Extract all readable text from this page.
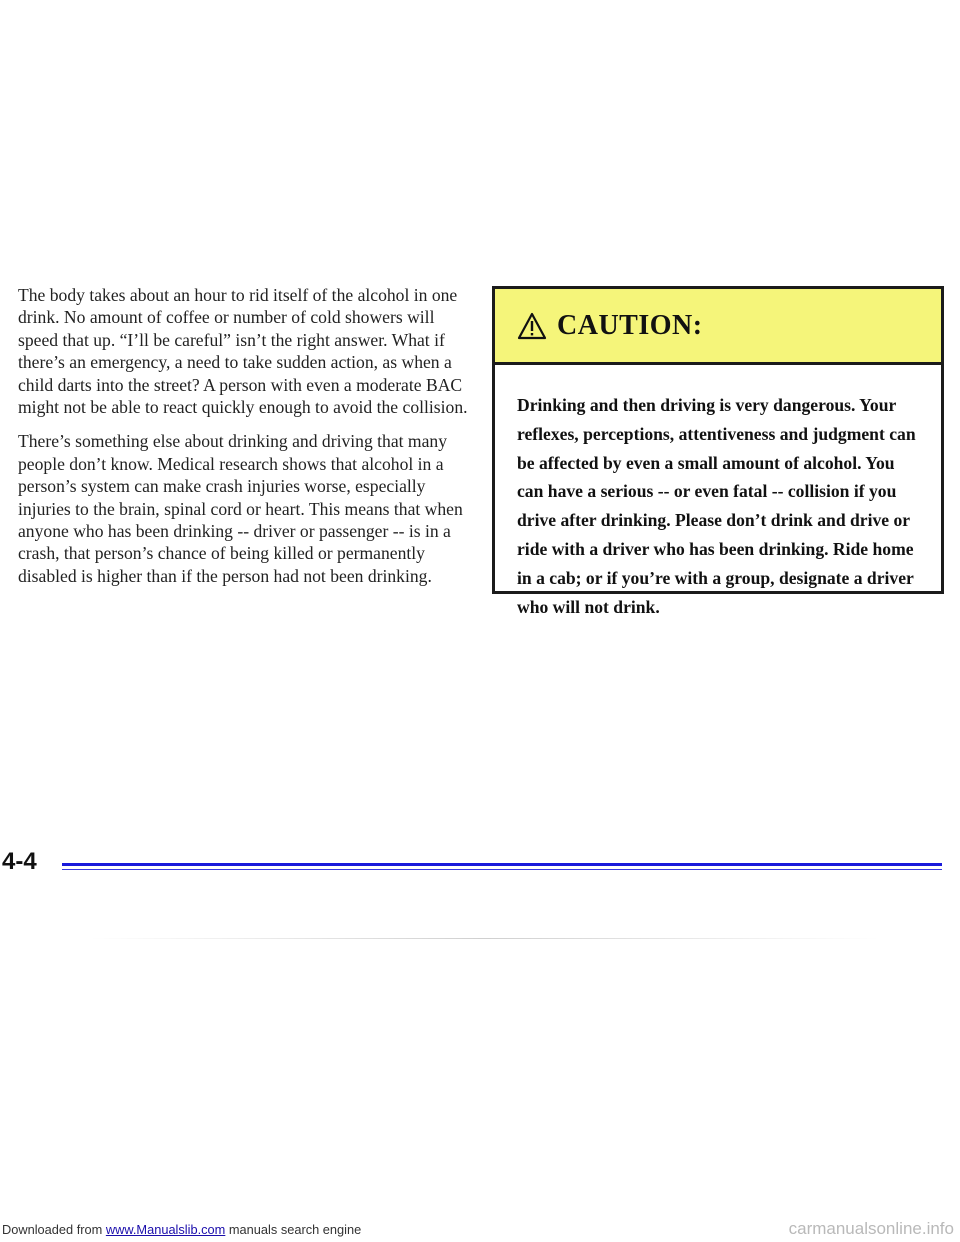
The body takes about an hour to rid itself of the alcohol in one drink. No amount of coffee or number of cold showers will speed that up. “I’ll be careful” isn’t the right answer. What if there’s an emergency, a need to take sudden action, as when a child darts into the street? A person with even a moderate BAC might not be able to react quickly enough to avoid the collision.

There’s something else about drinking and driving that many people don’t know. Medical research shows that alcohol in a person’s system can make crash injuries worse, especially injuries to the brain, spinal cord or heart. This means that when anyone who has been drinking -- driver or passenger -- is in a crash, that person’s chance of being killed or permanently disabled is higher than if the person had not been drinking.

CAUTION:
Drinking and then driving is very dangerous. Your reflexes, perceptions, attentiveness and judgment can be affected by even a small amount of alcohol. You can have a serious -- or even fatal -- collision if you drive after drinking. Please don’t drink and drive or ride with a driver who has been drinking. Ride home in a cab; or if you’re with a group, designate a driver who will not drink.
4-4
Downloaded from www.Manualslib.com manuals search engine	carmanualsonline.info
